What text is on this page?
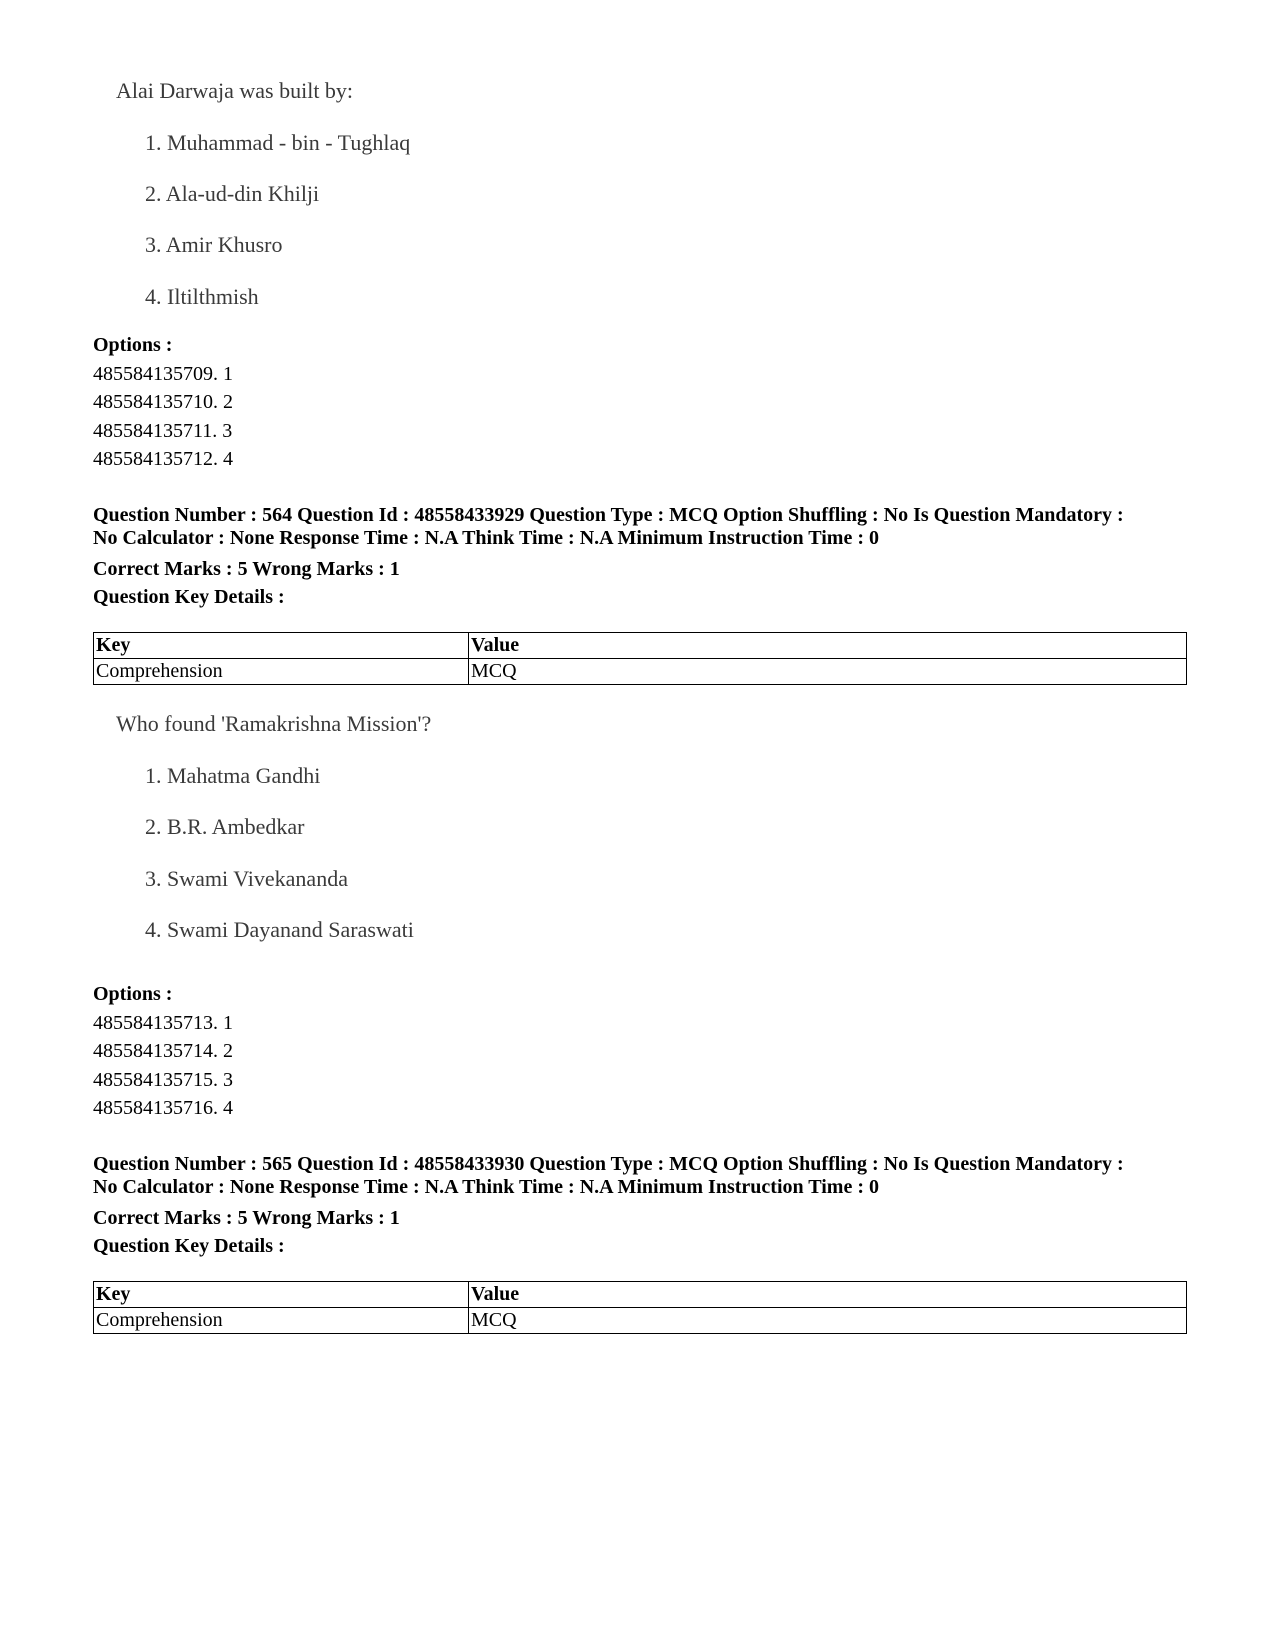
Alai Darwaja was built by:
1. Muhammad - bin - Tughlaq
2. Ala-ud-din Khilji
3. Amir Khusro
4. Iltilthmish
Options :
485584135709. 1
485584135710. 2
485584135711. 3
485584135712. 4
Question Number : 564 Question Id : 48558433929 Question Type : MCQ Option Shuffling : No Is Question Mandatory :
No Calculator : None Response Time : N.A Think Time : N.A Minimum Instruction Time : 0
Correct Marks : 5 Wrong Marks : 1
Question Key Details :
Key	Value
Comprehension	MCQ
Who found 'Ramakrishna Mission'?
1. Mahatma Gandhi
2. B.R. Ambedkar
3. Swami Vivekananda
4. Swami Dayanand Saraswati
Options :
485584135713. 1
485584135714. 2
485584135715. 3
485584135716. 4
Question Number : 565 Question Id : 48558433930 Question Type : MCQ Option Shuffling : No Is Question Mandatory :
No Calculator : None Response Time : N.A Think Time : N.A Minimum Instruction Time : 0
Correct Marks : 5 Wrong Marks : 1
Question Key Details :
Key	Value
Comprehension	MCQ
